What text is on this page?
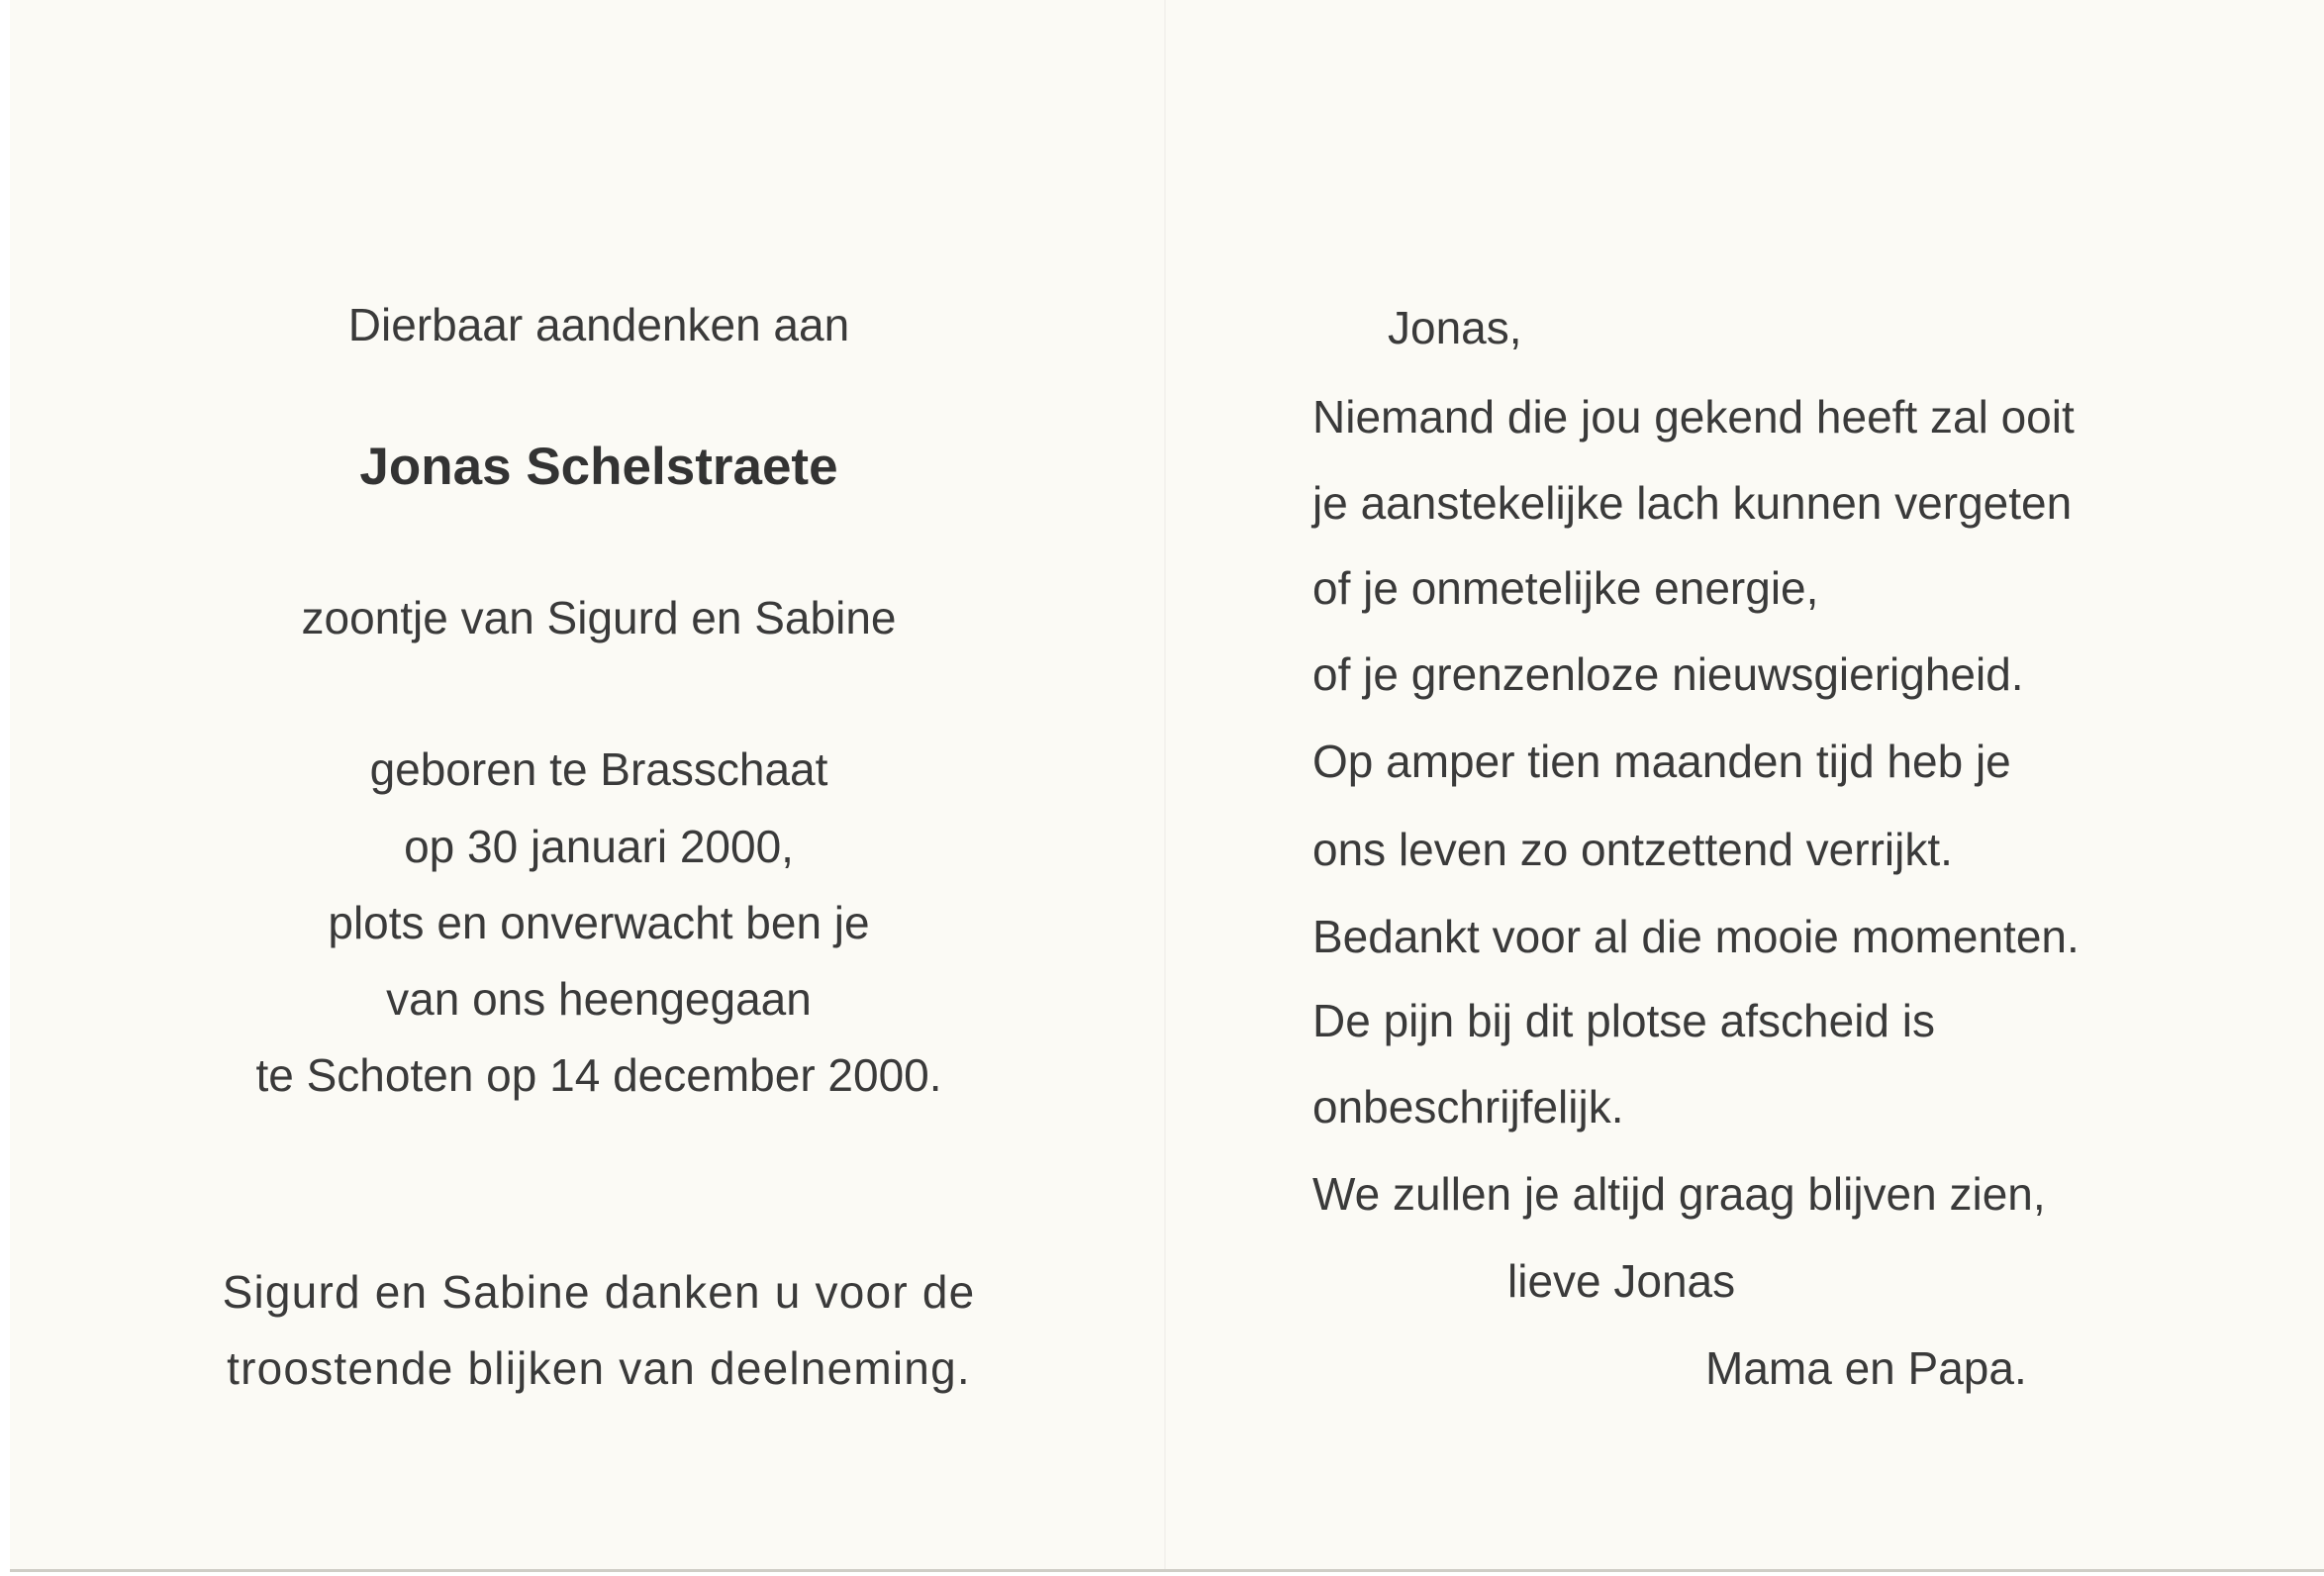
Dierbaar aandenken aan
Jonas Schelstraete
zoontje van Sigurd en Sabine
geboren te Brasschaat
op 30 januari 2000,
plots en onverwacht ben je
van ons heengegaan
te Schoten op 14 december 2000.
Sigurd en Sabine danken u voor de
troostende blijken van deelneming.
Jonas,
Niemand die jou gekend heeft zal ooit
je aanstekelijke lach kunnen vergeten
of je onmetelijke energie,
of je grenzenloze nieuwsgierigheid.
Op amper tien maanden tijd heb je
ons leven zo ontzettend verrijkt.
Bedankt voor al die mooie momenten.
De pijn bij dit plotse afscheid is
onbeschrijfelijk.
We zullen je altijd graag blijven zien,
lieve Jonas
Mama en Papa.
